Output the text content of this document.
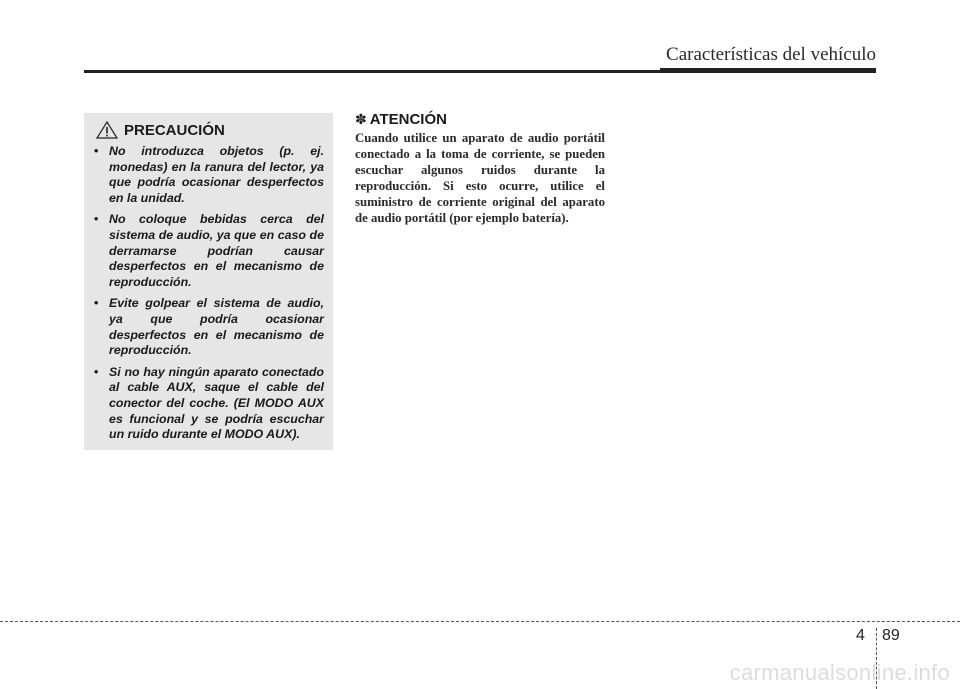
Características del vehículo
PRECAUCIÓN
• No introduzca objetos (p. ej. monedas) en la ranura del lector, ya que podría ocasionar desperfectos en la unidad.
• No coloque bebidas cerca del sistema de audio, ya que en caso de derramarse podrían causar desperfectos en el mecanismo de reproducción.
• Evite golpear el sistema de audio, ya que podría ocasionar desperfectos en el mecanismo de reproducción.
• Si no hay ningún aparato conectado al cable AUX, saque el cable del conector del coche. (El MODO AUX es funcional y se podría escuchar un ruido durante el MODO AUX).
✽ ATENCIÓN

Cuando utilice un aparato de audio portátil conectado a la toma de corriente, se pueden escuchar algunos ruidos durante la reproducción. Si esto ocurre, utilice el suministro de corriente original del aparato de audio portátil (por ejemplo batería).

4 89
carmanualsonline.info
